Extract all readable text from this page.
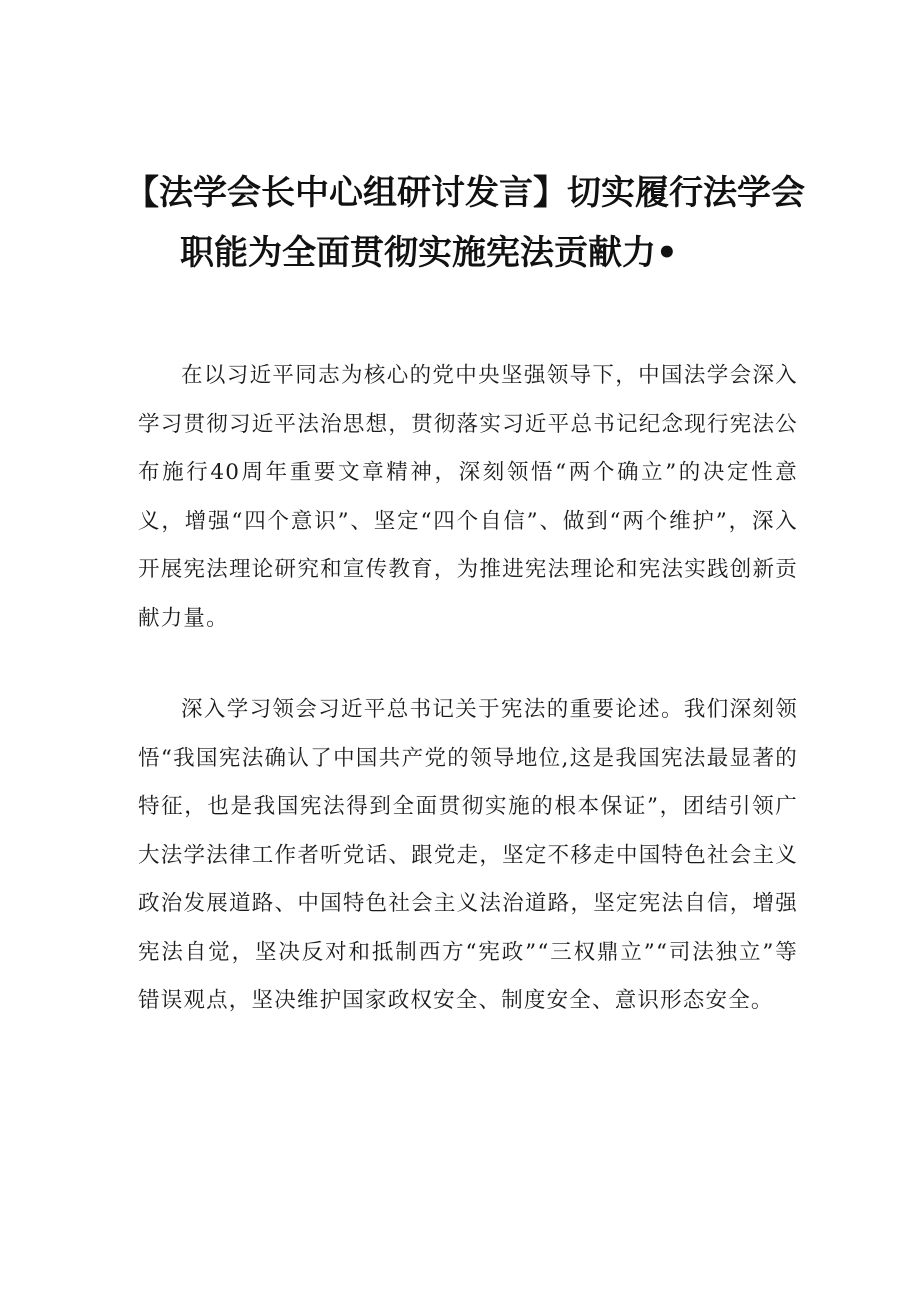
【法学会长中心组研讨发言】切实履行法学会
职能为全面贯彻实施宪法贡献力•

在以习近平同志为核心的党中央坚强领导下，中国法学会深入学习贯彻习近平法治思想，贯彻落实习近平总书记纪念现行宪法公布施行40周年重要文章精神，深刻领悟“两个确立”的决定性意义，增强“四个意识”、坚定“四个自信”、做到“两个维护”，深入开展宪法理论研究和宣传教育，为推进宪法理论和宪法实践创新贡献力量。

深入学习领会习近平总书记关于宪法的重要论述。我们深刻领悟“我国宪法确认了中国共产党的领导地位,这是我国宪法最显著的特征，也是我国宪法得到全面贯彻实施的根本保证”，团结引领广大法学法律工作者听党话、跟党走，坚定不移走中国特色社会主义政治发展道路、中国特色社会主义法治道路，坚定宪法自信，增强宪法自觉，坚决反对和抵制西方“宪政”“三权鼎立”“司法独立”等错误观点，坚决维护国家政权安全、制度安全、意识形态安全。
